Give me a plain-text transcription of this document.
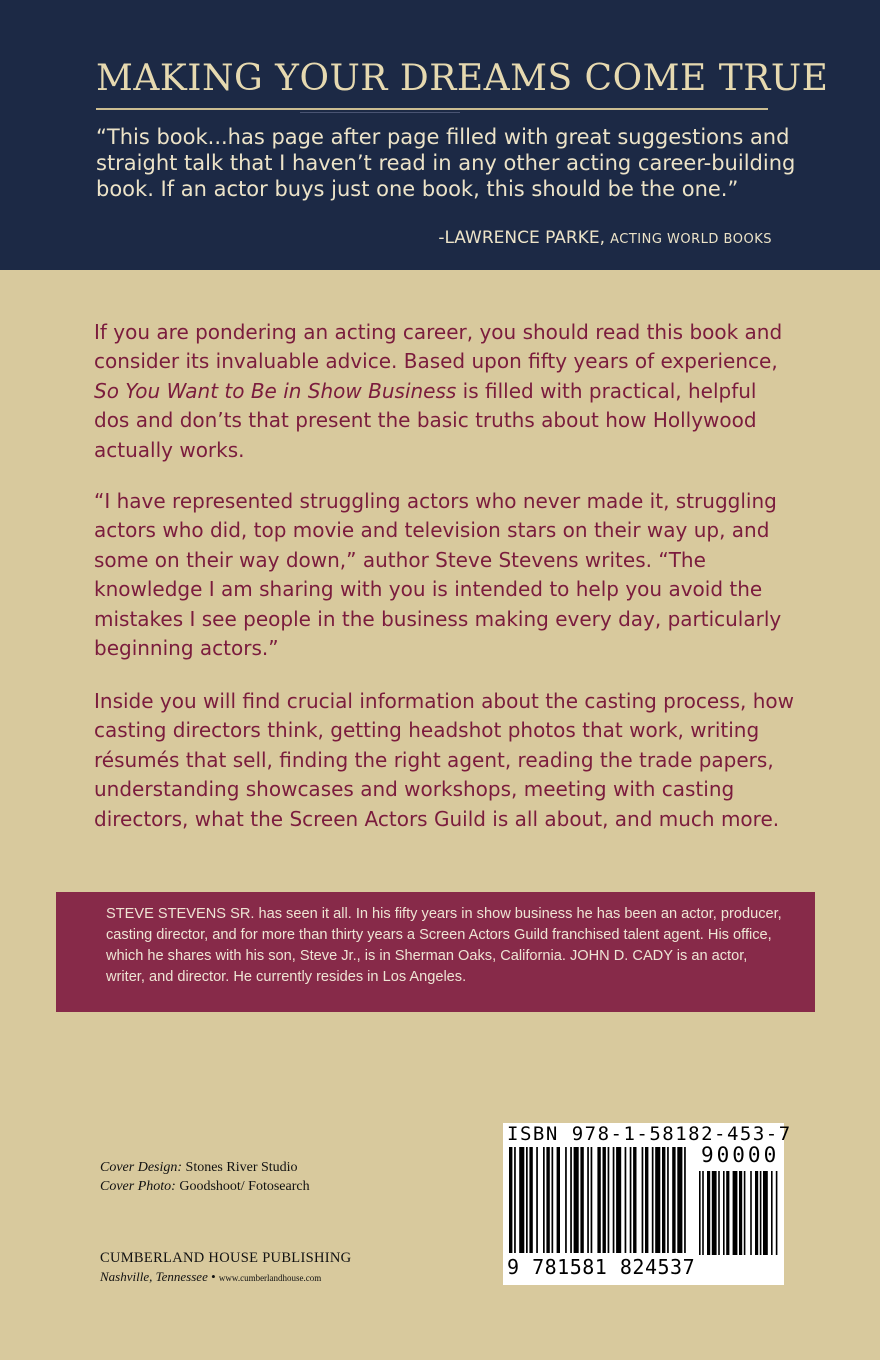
MAKING YOUR DREAMS COME TRUE
“This book...has page after page filled with great suggestions and straight talk that I haven’t read in any other acting career-building book. If an actor buys just one book, this should be the one.”
-LAWRENCE PARKE, ACTING WORLD BOOKS
If you are pondering an acting career, you should read this book and consider its invaluable advice. Based upon fifty years of experience, So You Want to Be in Show Business is filled with practical, helpful dos and don’ts that present the basic truths about how Hollywood actually works.
“I have represented struggling actors who never made it, struggling actors who did, top movie and television stars on their way up, and some on their way down,” author Steve Stevens writes. “The knowledge I am sharing with you is intended to help you avoid the mistakes I see people in the business making every day, particularly beginning actors.”
Inside you will find crucial information about the casting process, how casting directors think, getting headshot photos that work, writing résumés that sell, finding the right agent, reading the trade papers, understanding showcases and workshops, meeting with casting directors, what the Screen Actors Guild is all about, and much more.
STEVE STEVENS SR. has seen it all. In his fifty years in show business he has been an actor, producer, casting director, and for more than thirty years a Screen Actors Guild franchised talent agent. His office, which he shares with his son, Steve Jr., is in Sherman Oaks, California. JOHN D. CADY is an actor, writer, and director. He currently resides in Los Angeles.
Cover Design: Stones River Studio
Cover Photo: Goodshoot/ Fotosearch
CUMBERLAND HOUSE PUBLISHING
Nashville, Tennessee • www.cumberlandhouse.com
ISBN 978-1-58182-453-7
90000
9 781581 824537
